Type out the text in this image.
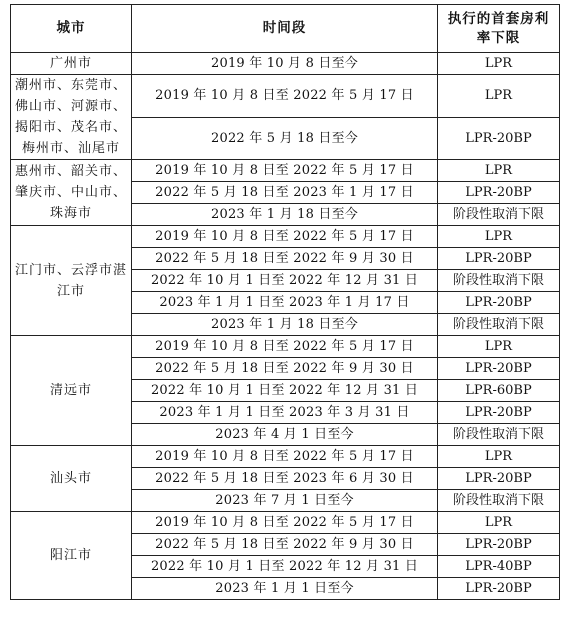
城市	时间段	执行的首套房利率下限
广州市	2019 年 10 月 8 日至今	LPR
潮州市、东莞市、佛山市、河源市、揭阳市、茂名市、梅州市、汕尾市	2019 年 10 月 8 日至 2022 年 5 月 17 日	LPR
	2022 年 5 月 18 日至今	LPR-20BP
惠州市、韶关市、肇庆市、中山市、珠海市	2019 年 10 月 8 日至 2022 年 5 月 17 日	LPR
	2022 年 5 月 18 日至 2023 年 1 月 17 日	LPR-20BP
	2023 年 1 月 18 日至今	阶段性取消下限
江门市、云浮市湛江市	2019 年 10 月 8 日至 2022 年 5 月 17 日	LPR
	2022 年 5 月 18 日至 2022 年 9 月 30 日	LPR-20BP
	2022 年 10 月 1 日至 2022 年 12 月 31 日	阶段性取消下限
	2023 年 1 月 1 日至 2023 年 1 月 17 日	LPR-20BP
	2023 年 1 月 18 日至今	阶段性取消下限
清远市	2019 年 10 月 8 日至 2022 年 5 月 17 日	LPR
	2022 年 5 月 18 日至 2022 年 9 月 30 日	LPR-20BP
	2022 年 10 月 1 日至 2022 年 12 月 31 日	LPR-60BP
	2023 年 1 月 1 日至 2023 年 3 月 31 日	LPR-20BP
	2023 年 4 月 1 日至今	阶段性取消下限
汕头市	2019 年 10 月 8 日至 2022 年 5 月 17 日	LPR
	2022 年 5 月 18 日至 2023 年 6 月 30 日	LPR-20BP
	2023 年 7 月 1 日至今	阶段性取消下限
阳江市	2019 年 10 月 8 日至 2022 年 5 月 17 日	LPR
	2022 年 5 月 18 日至 2022 年 9 月 30 日	LPR-20BP
	2022 年 10 月 1 日至 2022 年 12 月 31 日	LPR-40BP
	2023 年 1 月 1 日至今	LPR-20BP
